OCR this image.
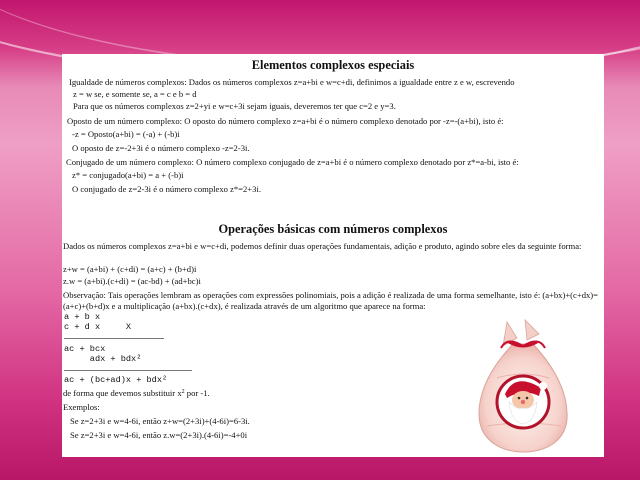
Elementos complexos especiais
Igualdade de números complexos: Dados os números complexos z=a+bi e w=c+di, definimos a igualdade entre z e w, escrevendo
z = w se, e somente se, a = c e b = d
Para que os números complexos z=2+yi e w=c+3i sejam iguais, deveremos ter que c=2 e y=3.
Oposto de um número complexo: O oposto do número complexo z=a+bi é o número complexo denotado por -z=-(a+bi), isto é:
-z = Oposto(a+bi) = (-a) + (-b)i
O oposto de z=-2+3i é o número complexo -z=2-3i.
Conjugado de um número complexo: O número complexo conjugado de z=a+bi é o número complexo denotado por z*=a-bi, isto é:
z* = conjugado(a+bi) = a + (-b)i
O conjugado de z=2-3i é o número complexo z*=2+3i.
Operações básicas com números complexos
Dados os números complexos z=a+bi e w=c+di, podemos definir duas operações fundamentais, adição e produto, agindo sobre eles da seguinte forma:
z+w = (a+bi) + (c+di) = (a+c) + (b+d)i
z.w = (a+bi).(c+di) = (ac-bd) + (ad+bc)i
Observação: Tais operações lembram as operações com expressões polinomiais, pois a adição é realizada de uma forma semelhante, isto é: (a+bx)+(c+dx)=(a+c)+(b+d)x e a multiplicação (a+bx).(c+dx), é realizada através de um algoritmo que aparece na forma:
a + b x
c + d x     X
ac + bcx
adx + bdx²
ac + (bc+ad)x + bdx²
de forma que devemos substituir $x^2$ por -1.
Exemplos:
Se z=2+3i e w=4-6i, então z+w=(2+3i)+(4-6i)=6-3i.
Se z=2+3i e w=4-6i, então z.w=(2+3i).(4-6i)=-4+0i
